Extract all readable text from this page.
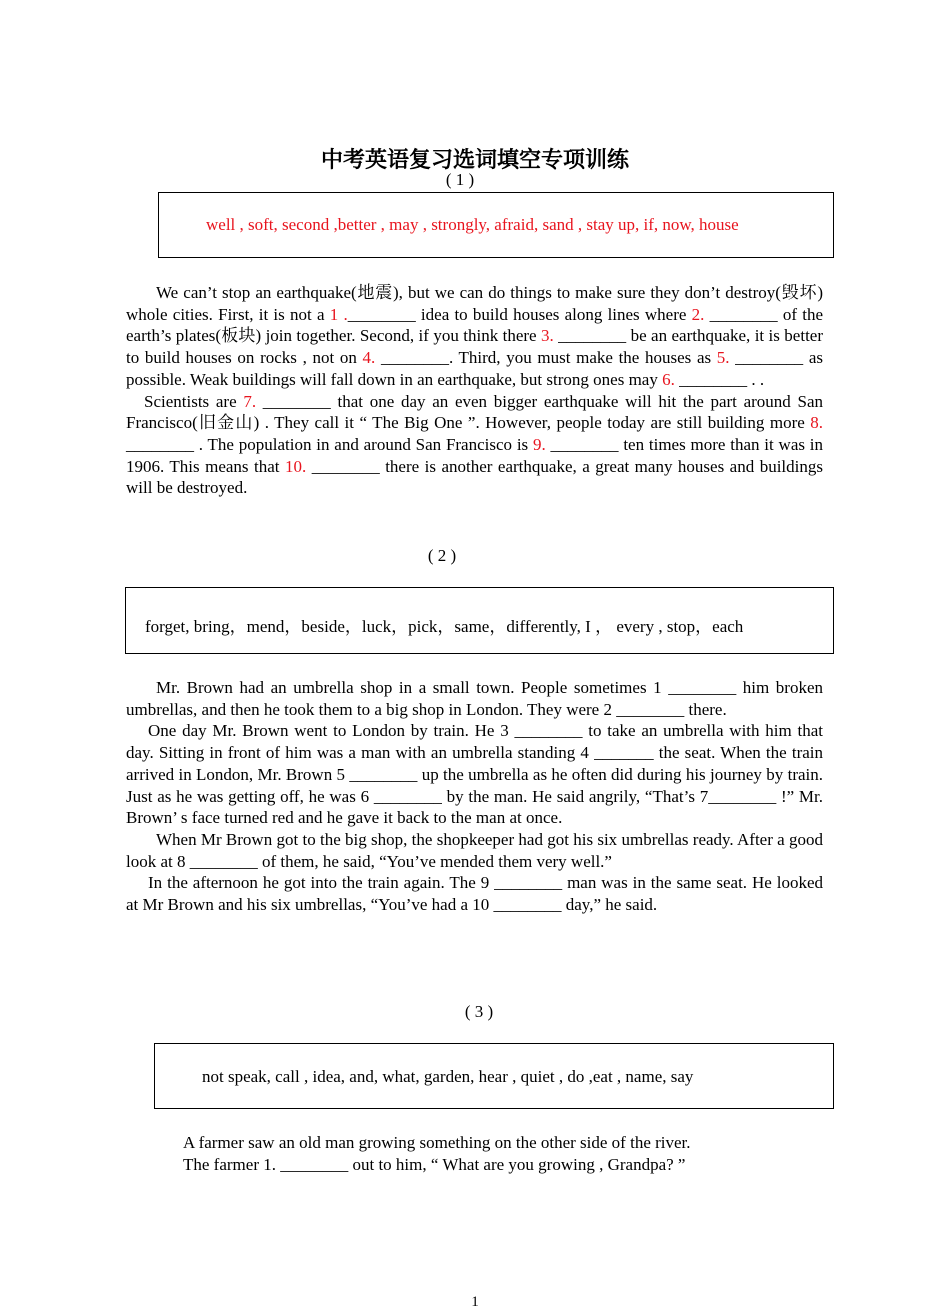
中考英语复习选词填空专项训练
( 1 )
well , soft, second ,better , may , strongly, afraid, sand , stay up, if, now, house

We can’t stop an earthquake(地震), but we can do things to make sure they don’t destroy(毁坏) whole cities. First, it is not a 1 .________ idea to build houses along lines where 2. ________ of the earth’s plates(板块) join together. Second, if you think there 3. ________ be an earthquake, it is better to build houses on rocks , not on 4. ________. Third, you must make the houses as 5. ________ as possible. Weak buildings will fall down in an earthquake, but strong ones may 6. ________ . .

Scientists are 7. ________ that one day an even bigger earthquake will hit the part around San Francisco(旧金山) . They call it “ The Big One ”. However, people today are still building more 8. ________ . The population in and around San Francisco is 9. ________ ten times more than it was in 1906. This means that 10. ________ there is another earthquake, a great many houses and buildings will be destroyed.

( 2 )
forget, bring，mend，beside，luck，pick，same，differently, I ， every , stop，each

Mr. Brown had an umbrella shop in a small town. People sometimes 1 ________ him broken umbrellas, and then he took them to a big shop in London. They were 2 ________ there.

One day Mr. Brown went to London by train. He 3 ________ to take an umbrella with him that day. Sitting in front of him was a man with an umbrella standing 4 _______ the seat. When the train arrived in London, Mr. Brown 5 ________ up the umbrella as he often did during his journey by train. Just as he was getting off, he was 6 ________ by the man. He said angrily, “That’s 7________ !” Mr. Brown’ s face turned red and he gave it back to the man at once.

When Mr Brown got to the big shop, the shopkeeper had got his six umbrellas ready. After a good look at 8 ________ of them, he said, “You’ve mended them very well.”

In the afternoon he got into the train again. The 9 ________ man was in the same seat. He looked at Mr Brown and his six umbrellas, “You’ve had a 10 ________ day,” he said.

( 3 )
not speak, call , idea, and, what, garden, hear , quiet , do ,eat , name, say
A farmer saw an old man growing something on the other side of the river.
The farmer 1. ________ out to him, “ What are you growing , Grandpa? ”
1
